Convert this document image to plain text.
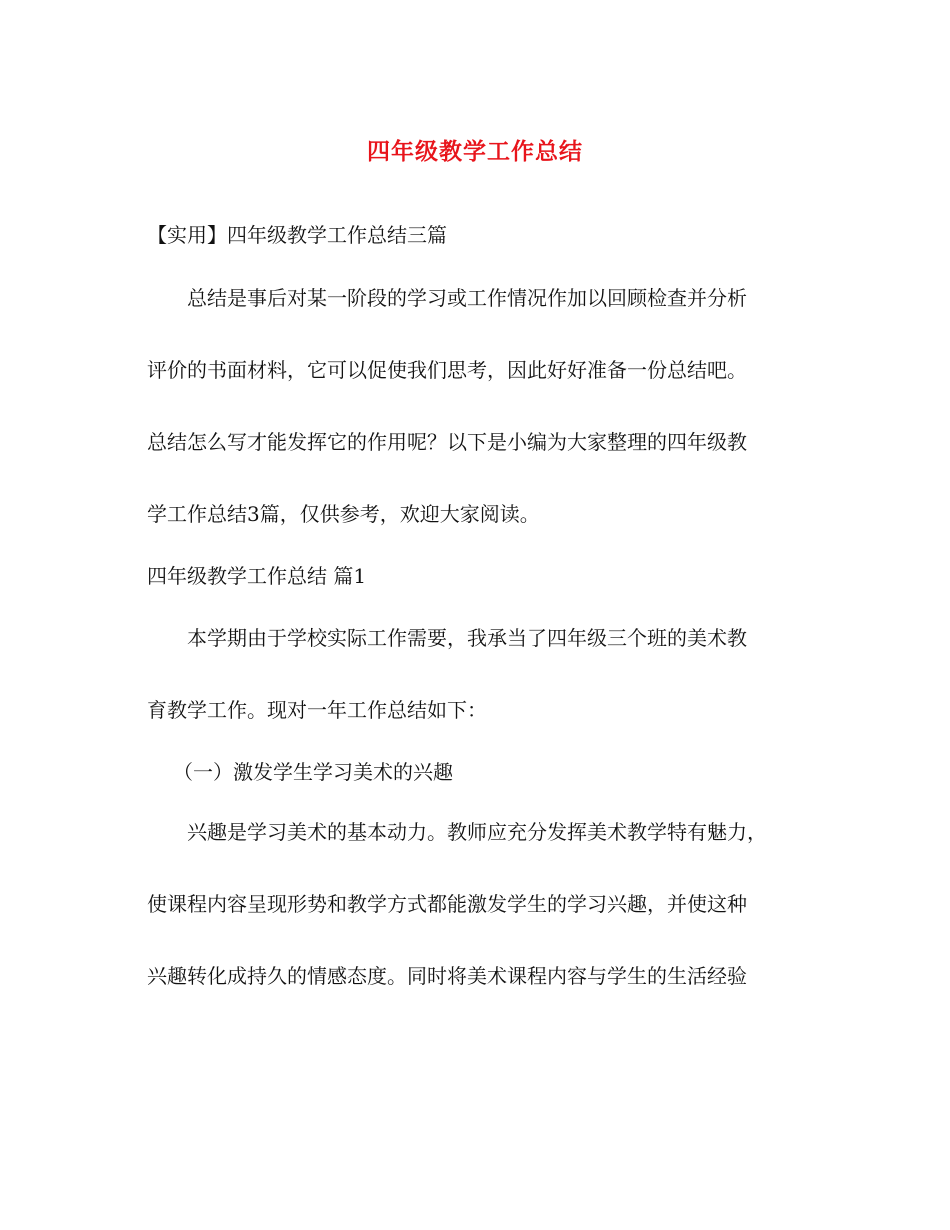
四年级教学工作总结
【实用】四年级教学工作总结三篇
总结是事后对某一阶段的学习或工作情况作加以回顾检查并分析
评价的书面材料，它可以促使我们思考，因此好好准备一份总结吧。
总结怎么写才能发挥它的作用呢？以下是小编为大家整理的四年级教
学工作总结3篇，仅供参考，欢迎大家阅读。
四年级教学工作总结 篇1
本学期由于学校实际工作需要，我承当了四年级三个班的美术教
育教学工作。现对一年工作总结如下：
（一）激发学生学习美术的兴趣
兴趣是学习美术的基本动力。教师应充分发挥美术教学特有魅力，
使课程内容呈现形势和教学方式都能激发学生的学习兴趣，并使这种
兴趣转化成持久的情感态度。同时将美术课程内容与学生的生活经验
